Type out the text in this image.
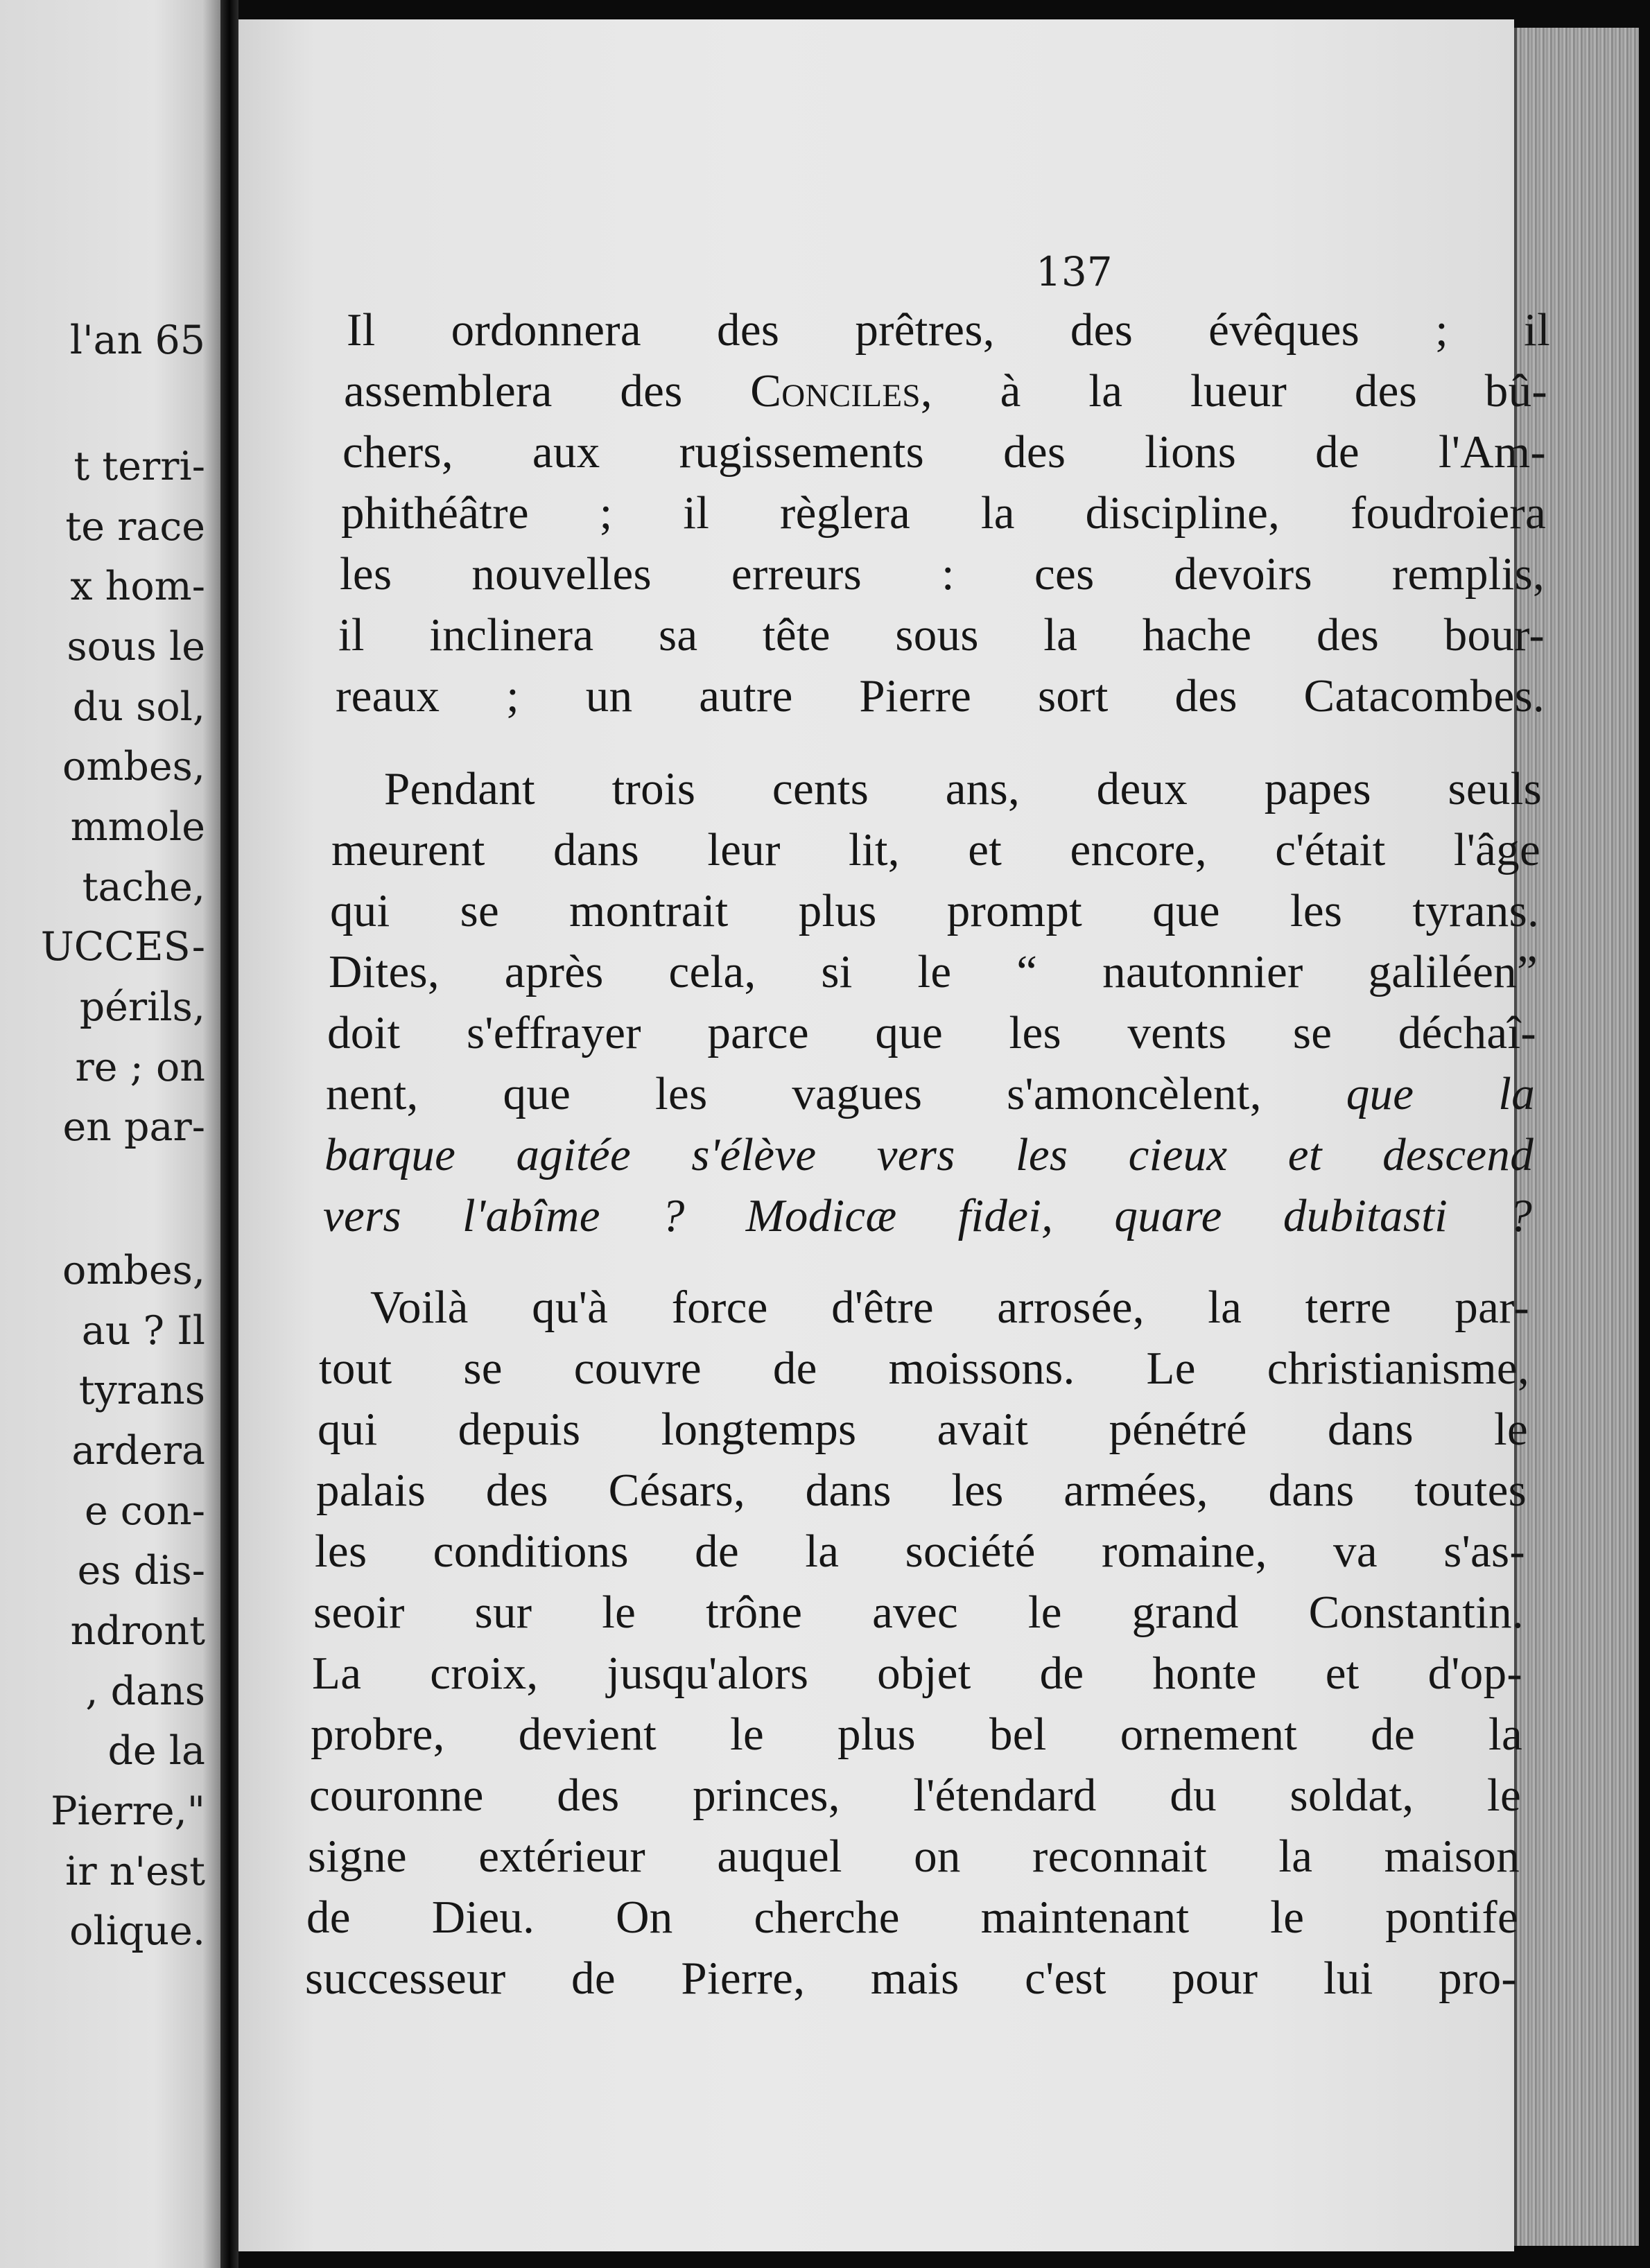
l'an 65
t terri-
te race
x hom-
sous le
du sol,
ombes,
mmole
tache,
UCCES-
périls,
re ; on
en par-
ombes,
au ? Il
tyrans
ardera
e con-
es dis-
ndront
, dans
de la
Pierre,"
ir n'est
olique.
137
Il ordonnera des prêtres, des évêques ; il
assemblera des Conciles, à la lueur des bû-
chers, aux rugissements des lions de l'Am-
phithéâtre ; il règlera la discipline, foudroiera
les nouvelles erreurs : ces devoirs remplis,
il inclinera sa tête sous la hache des bour-
reaux ; un autre Pierre sort des Catacombes.
Pendant trois cents ans, deux papes seuls
meurent dans leur lit, et encore, c'était l'âge
qui se montrait plus prompt que les tyrans.
Dites, après cela, si le “ nautonnier galiléen”
doit s'effrayer parce que les vents se déchaî-
nent, que les vagues s'amoncèlent, que la
barque agitée s'élève vers les cieux et descend
vers l'abîme ? Modicæ fidei, quare dubitasti ?
Voilà qu'à force d'être arrosée, la terre par-
tout se couvre de moissons. Le christianisme,
qui depuis longtemps avait pénétré dans le
palais des Césars, dans les armées, dans toutes
les conditions de la société romaine, va s'as-
seoir sur le trône avec le grand Constantin.
La croix, jusqu'alors objet de honte et d'op-
probre, devient le plus bel ornement de la
couronne des princes, l'étendard du soldat, le
signe extérieur auquel on reconnait la maison
de Dieu. On cherche maintenant le pontife
successeur de Pierre, mais c'est pour lui pro-
